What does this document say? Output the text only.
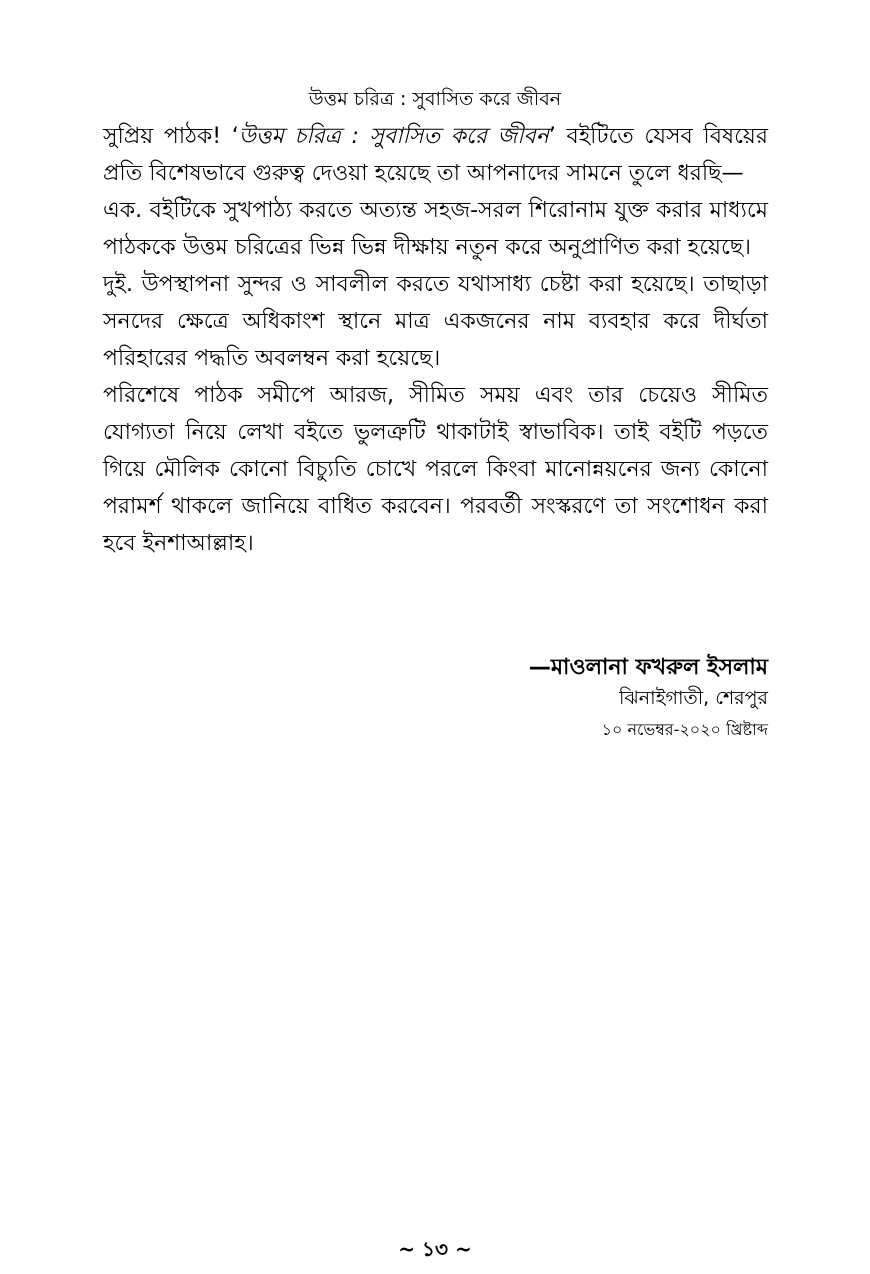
উত্তম চরিত্র : সুবাসিত করে জীবন

সুপ্রিয় পাঠক! ‘উত্তম চরিত্র : সুবাসিত করে জীবন’ বইটিতে যেসব বিষয়ের প্রতি বিশেষভাবে গুরুত্ব দেওয়া হয়েছে তা আপনাদের সামনে তুলে ধরছি—

এক. বইটিকে সুখপাঠ্য করতে অত্যন্ত সহজ-সরল শিরোনাম যুক্ত করার মাধ্যমে পাঠককে উত্তম চরিত্রের ভিন্ন ভিন্ন দীক্ষায় নতুন করে অনুপ্রাণিত করা হয়েছে।

দুই. উপস্থাপনা সুন্দর ও সাবলীল করতে যথাসাধ্য চেষ্টা করা হয়েছে। তাছাড়া সনদের ক্ষেত্রে অধিকাংশ স্থানে মাত্র একজনের নাম ব্যবহার করে দীর্ঘতা পরিহারের পদ্ধতি অবলম্বন করা হয়েছে।

পরিশেষে পাঠক সমীপে আরজ, সীমিত সময় এবং তার চেয়েও সীমিত যোগ্যতা নিয়ে লেখা বইতে ভুলত্রুটি থাকাটাই স্বাভাবিক। তাই বইটি পড়তে গিয়ে মৌলিক কোনো বিচ্যুতি চোখে পরলে কিংবা মানোন্নয়নের জন্য কোনো পরামর্শ থাকলে জানিয়ে বাধিত করবেন। পরবর্তী সংস্করণে তা সংশোধন করা হবে ইনশাআল্লাহ।

—মাওলানা ফখরুল ইসলাম
ঝিনাইগাতী, শেরপুর
১০ নভেম্বর-২০২০ খ্রিষ্টাব্দ
~ ১৩ ~
